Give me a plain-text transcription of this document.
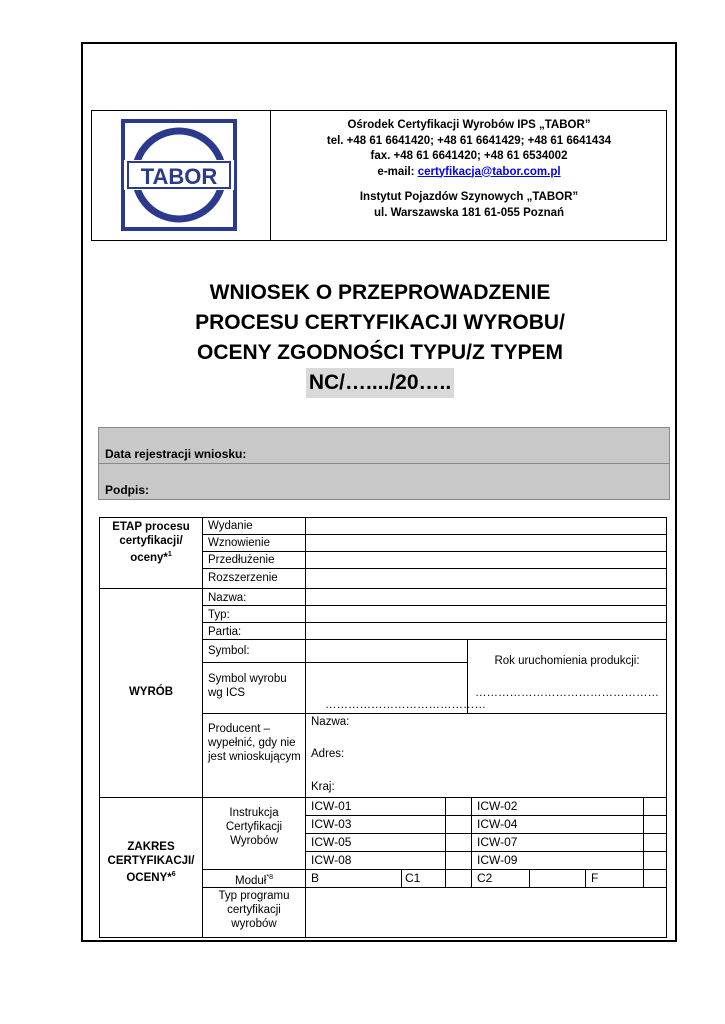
TABOR
Ośrodek Certyfikacji Wyrobów IPS „TABOR”
tel. +48 61 6641420; +48 61 6641429; +48 61 6641434
fax. +48 61 6641420; +48 61 6534002
e-mail: certyfikacja@tabor.com.pl
Instytut Pojazdów Szynowych „TABOR”
ul. Warszawska 181 61-055 Poznań
WNIOSEK O PRZEPROWADZENIE
PROCESU CERTYFIKACJI WYROBU/
OCENY ZGODNOŚCI TYPU/Z TYPEM
NC/…..../20…..
Data rejestracji wniosku:
Podpis:
ETAP procesu certyfikacji/ oceny*$^1$
Wydanie
Wznowienie
Przedłużenie
Rozszerzenie
WYRÓB
Nazwa:
Typ:
Partia:
Symbol:
Symbol wyrobu wg ICS
……………………………………
Rok uruchomienia produkcji:
…………………………………………
Producent – wypełnić, gdy nie jest wnioskującym
Nazwa:
Adres:
Kraj:
ZAKRES CERTYFIKACJI/ OCENY*$^6$
Instrukcja Certyfikacji Wyrobów
ICW-01	ICW-02
ICW-03	ICW-04
ICW-05	ICW-07
ICW-08	ICW-09
Moduł$^{*8}$	B	C1	C2	F
Typ programu certyfikacji wyrobów
